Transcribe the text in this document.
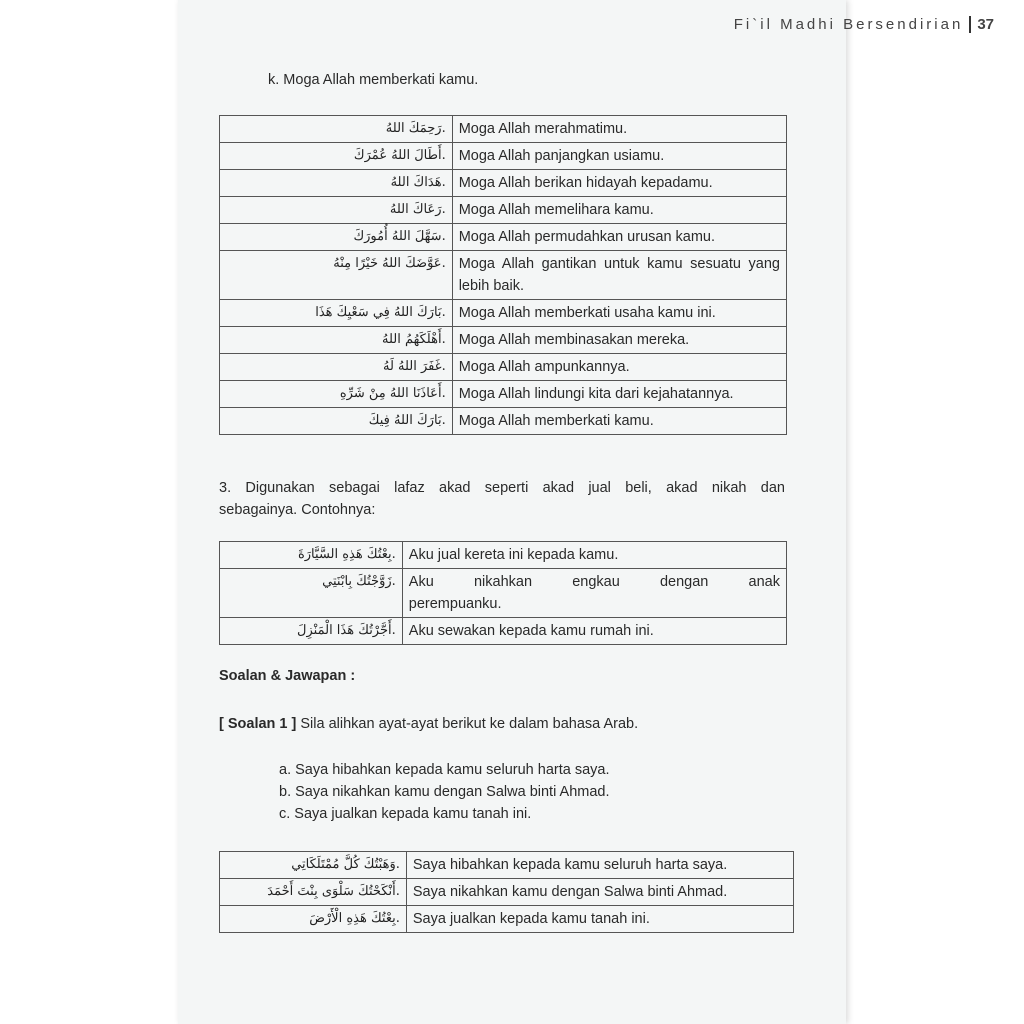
Fi`il Madhi Bersendirian 37
k. Moga Allah memberkati kamu.
رَحِمَكَ اللهُ.	Moga Allah merahmatimu.
أَطَالَ اللهُ عُمْرَكَ.	Moga Allah panjangkan usiamu.
هَدَاكَ اللهُ.	Moga Allah berikan hidayah kepadamu.
رَعَاكَ اللهُ.	Moga Allah memelihara kamu.
سَهَّلَ اللهُ أُمُورَكَ.	Moga Allah permudahkan urusan kamu.
عَوَّضَكَ اللهُ خَيْرًا مِنْهُ.	Moga Allah gantikan untuk kamu sesuatu yang lebih baik.
بَارَكَ اللهُ فِي سَعْيِكَ هَذَا.	Moga Allah memberkati usaha kamu ini.
أَهْلَكَهُمُ اللهُ.	Moga Allah membinasakan mereka.
غَفَرَ اللهُ لَهُ.	Moga Allah ampunkannya.
أَعَاذَنَا اللهُ مِنْ شَرِّهِ.	Moga Allah lindungi kita dari kejahatannya.
بَارَكَ اللهُ فِيكَ.	Moga Allah memberkati kamu.
3. Digunakan sebagai lafaz akad seperti akad jual beli, akad nikah dan
sebagainya. Contohnya:
بِعْتُكَ هَذِهِ السَّيَّارَةَ.	Aku jual kereta ini kepada kamu.
زَوَّجْتُكَ بِابْنَتِي.	Aku nikahkan engkau dengan anak
perempuanku.

أَجَّرْتُكَ هَذَا الْمَنْزِلَ.	Aku sewakan kepada kamu rumah ini.
Soalan & Jawapan :
[ Soalan 1 ] Sila alihkan ayat-ayat berikut ke dalam bahasa Arab.
a. Saya hibahkan kepada kamu seluruh harta saya.
b. Saya nikahkan kamu dengan Salwa binti Ahmad.
c. Saya jualkan kepada kamu tanah ini.
وَهَبْتُكَ كُلَّ مُمْتَلَكَاتِي.	Saya hibahkan kepada kamu seluruh harta saya.
أَنْكَحْتُكَ سَلْوَى بِنْتَ أَحْمَدَ.	Saya nikahkan kamu dengan Salwa binti Ahmad.
بِعْتُكَ هَذِهِ الْأَرْضَ.	Saya jualkan kepada kamu tanah ini.
